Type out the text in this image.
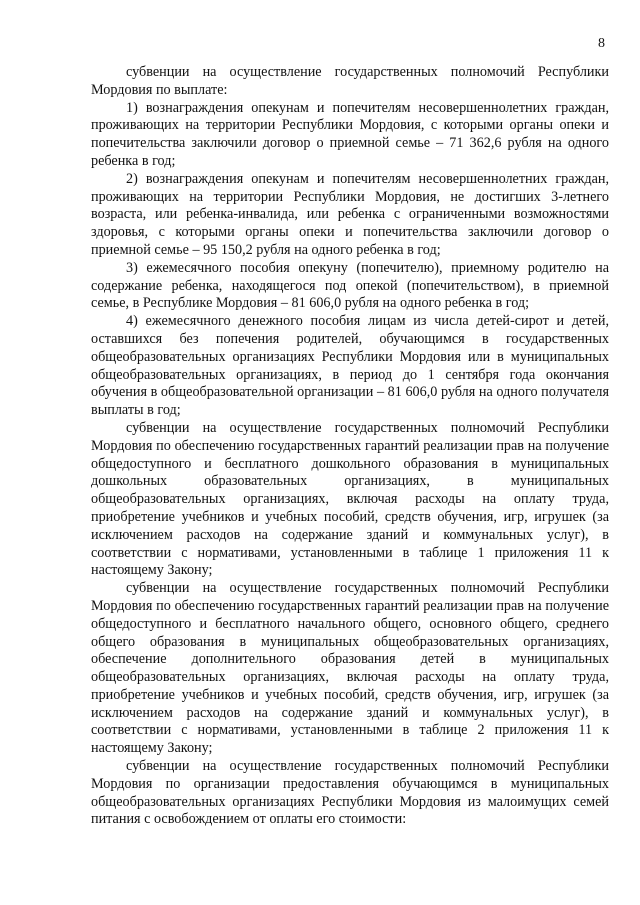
8

субвенции на осуществление государственных полномочий Республики Мордовия по выплате:

1) вознаграждения опекунам и попечителям несовершеннолетних граждан, проживающих на территории Республики Мордовия, с которыми органы опеки и попечительства заключили договор о приемной семье – 71 362,6 рубля на одного ребенка в год;

2) вознаграждения опекунам и попечителям несовершеннолетних граждан, проживающих на территории Республики Мордовия, не достигших 3-летнего возраста, или ребенка-инвалида, или ребенка с ограниченными возможностями здоровья, с которыми органы опеки и попечительства заключили договор о приемной семье – 95 150,2 рубля на одного ребенка в год;

3) ежемесячного пособия опекуну (попечителю), приемному родителю на содержание ребенка, находящегося под опекой (попечительством), в приемной семье, в Республике Мордовия – 81 606,0 рубля на одного ребенка в год;

4) ежемесячного денежного пособия лицам из числа детей-сирот и детей, оставшихся без попечения родителей, обучающимся в государственных общеобразовательных организациях Республики Мордовия или в муниципальных общеобразовательных организациях, в период до 1 сентября года окончания обучения в общеобразовательной организации – 81 606,0 рубля на одного получателя выплаты в год;

субвенции на осуществление государственных полномочий Республики Мордовия по обеспечению государственных гарантий реализации прав на получение общедоступного и бесплатного дошкольного образования в муниципальных дошкольных образовательных организациях, в муниципальных общеобразовательных организациях, включая расходы на оплату труда, приобретение учебников и учебных пособий, средств обучения, игр, игрушек (за исключением расходов на содержание зданий и коммунальных услуг), в соответствии с нормативами, установленными в таблице 1 приложения 11 к настоящему Закону;

субвенции на осуществление государственных полномочий Республики Мордовия по обеспечению государственных гарантий реализации прав на получение общедоступного и бесплатного начального общего, основного общего, среднего общего образования в муниципальных общеобразовательных организациях, обеспечение дополнительного образования детей в муниципальных общеобразовательных организациях, включая расходы на оплату труда, приобретение учебников и учебных пособий, средств обучения, игр, игрушек (за исключением расходов на содержание зданий и коммунальных услуг), в соответствии с нормативами, установленными в таблице 2 приложения 11 к настоящему Закону;

субвенции на осуществление государственных полномочий Республики Мордовия по организации предоставления обучающимся в муниципальных общеобразовательных организациях Республики Мордовия из малоимущих семей питания с освобождением от оплаты его стоимости:
